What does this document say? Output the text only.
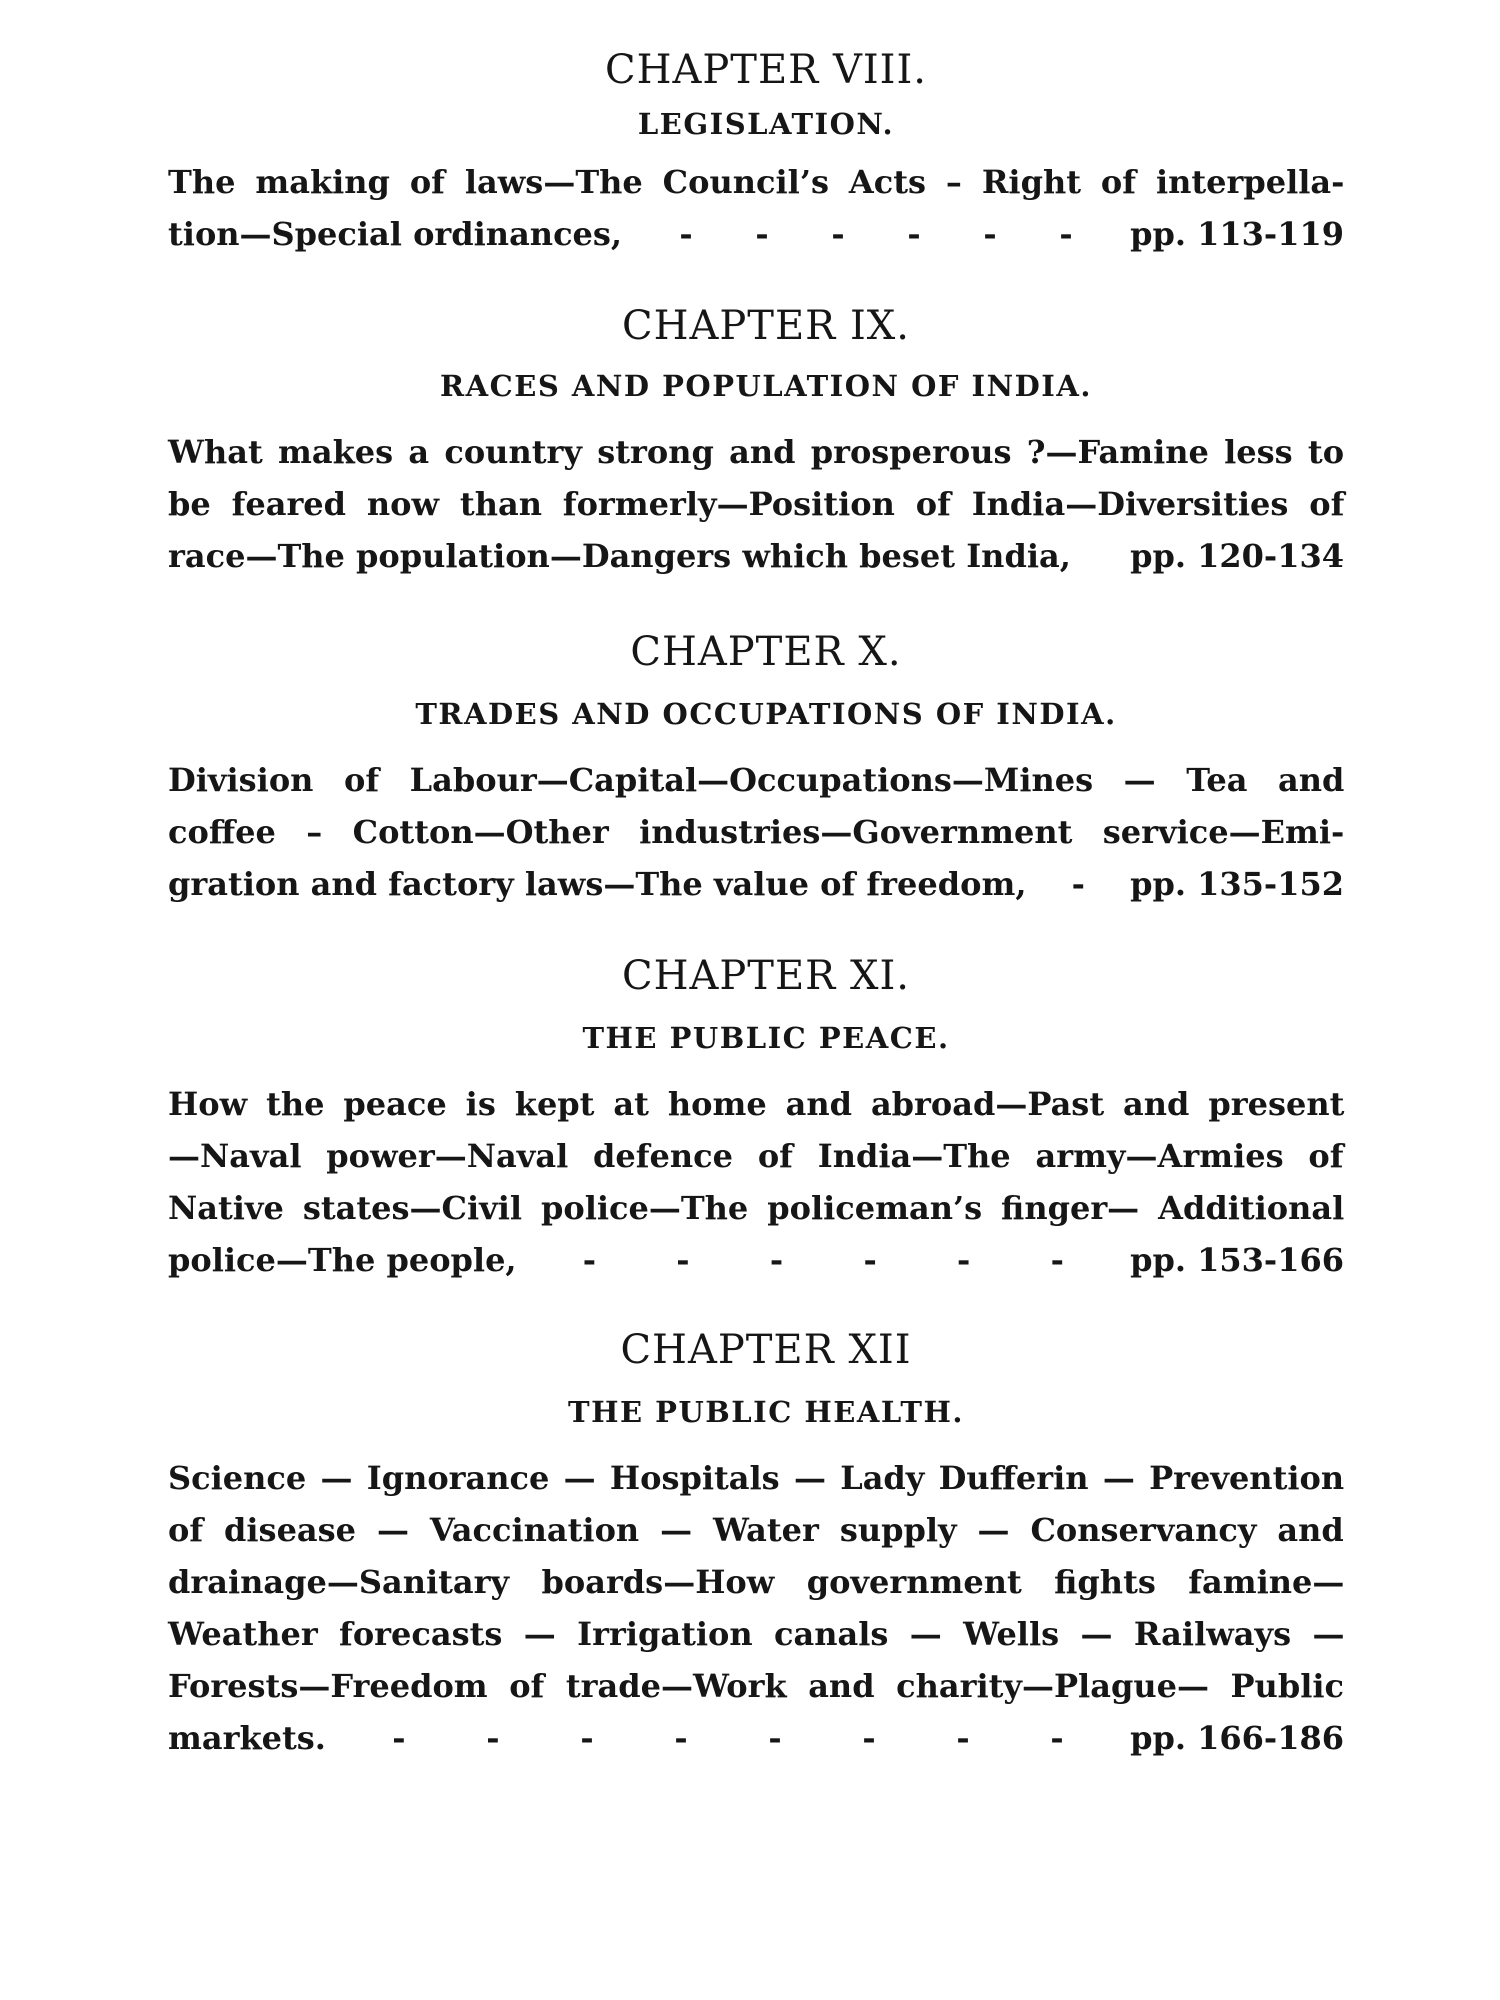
CHAPTER VIII.
LEGISLATION.
The making of laws—The Council’s Acts – Right of interpella-
tion—Special ordinances, - - - - - - pp. 113-119
CHAPTER IX.
RACES AND POPULATION OF INDIA.
What makes a country strong and prosperous ?—Famine less to
be feared now than formerly—Position of India—Diversities of
race—The population—Dangers which beset India, pp. 120-134
CHAPTER X.
TRADES AND OCCUPATIONS OF INDIA.
Division of Labour—Capital—Occupations—Mines — Tea and
coffee – Cotton—Other industries—Government service—Emi-
gration and factory laws—The value of freedom, - pp. 135-152
CHAPTER XI.
THE PUBLIC PEACE.
How the peace is kept at home and abroad—Past and present
—Naval power—Naval defence of India—The army—Armies of
Native states—Civil police—The policeman’s finger— Additional
police—The people, -	-	-	-	-	- pp. 153-166
CHAPTER XII
THE PUBLIC HEALTH.
Science — Ignorance — Hospitals — Lady Dufferin — Prevention
of disease — Vaccination — Water supply — Conservancy and
drainage—Sanitary boards—How government fights famine—
Weather forecasts — Irrigation canals — Wells — Railways —
Forests—Freedom of trade—Work and charity—Plague— Public
markets. -	-	-	-	-	-	-	- pp. 166-186
